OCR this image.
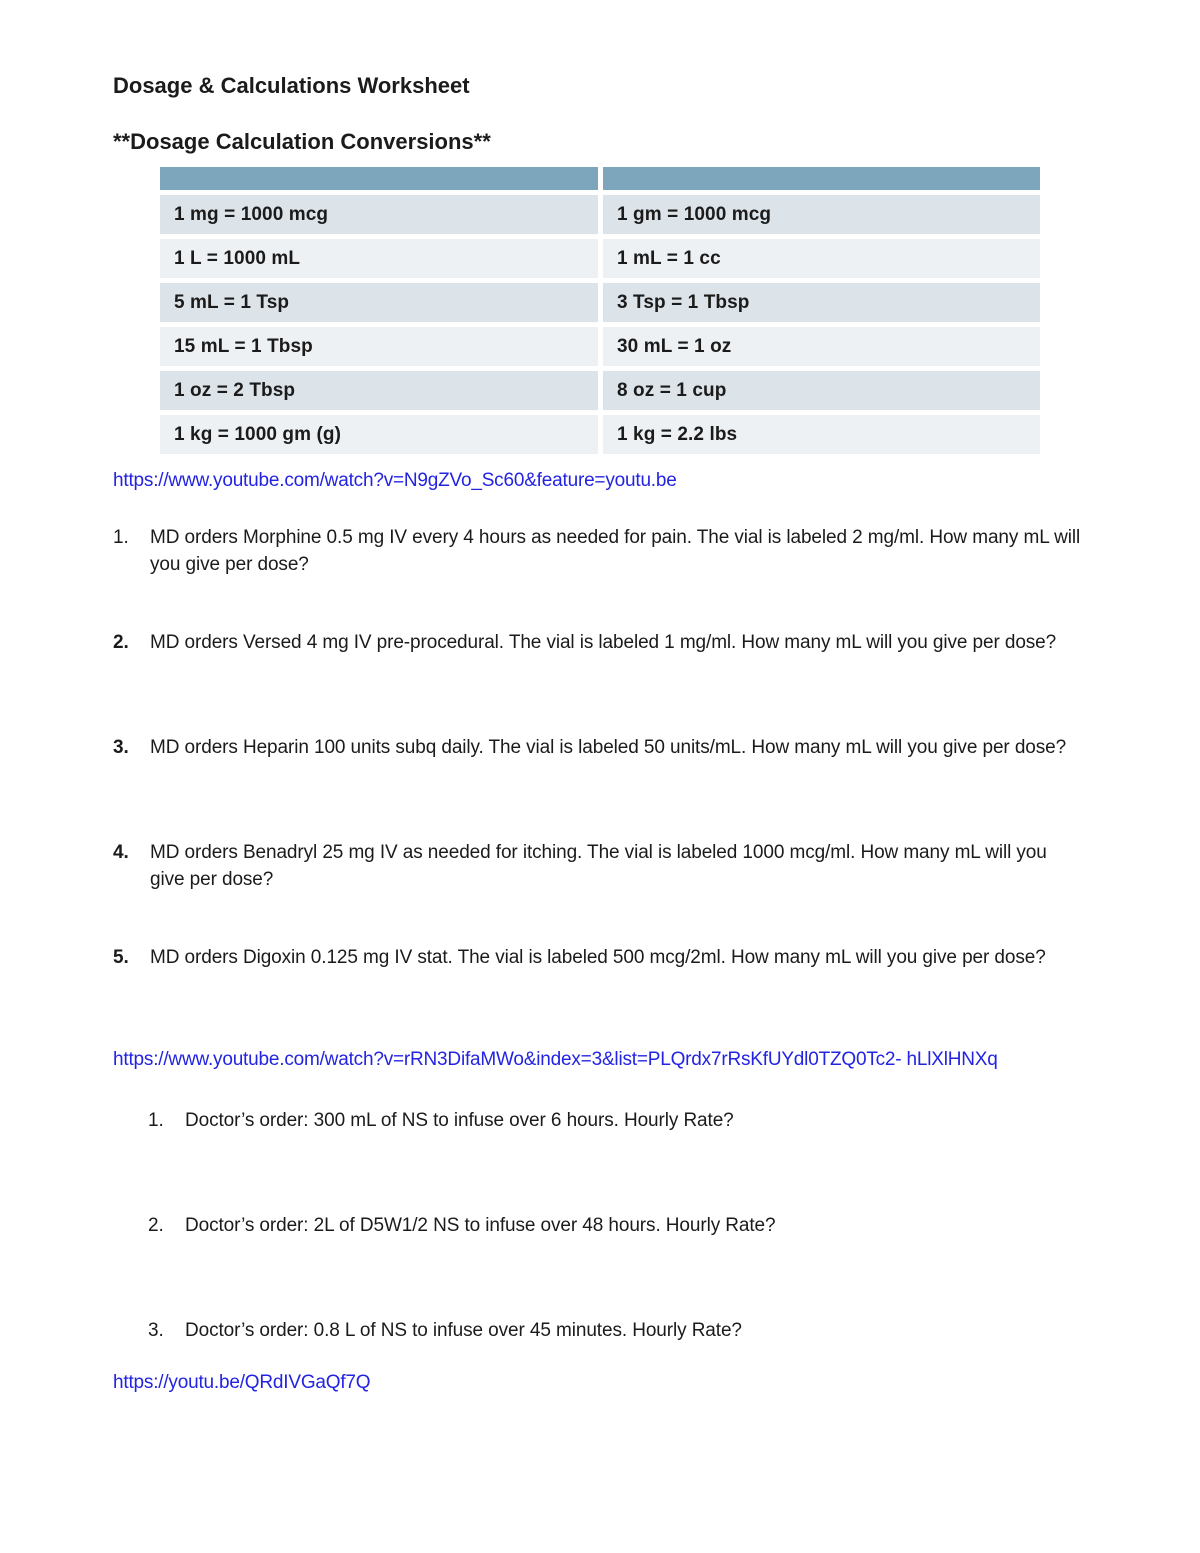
Dosage & Calculations Worksheet
**Dosage Calculation Conversions**
1 mg = 1000 mcg	1 gm = 1000 mcg
1 L = 1000 mL	1 mL = 1 cc
5 mL = 1 Tsp	3 Tsp = 1 Tbsp
15 mL = 1 Tbsp	30 mL = 1 oz
1 oz = 2 Tbsp	8 oz = 1 cup
1 kg = 1000 gm (g)	1 kg = 2.2 lbs
https://www.youtube.com/watch?v=N9gZVo_Sc60&feature=youtu.be
1.	MD orders Morphine 0.5 mg IV every 4 hours as needed for pain. The vial is labeled 2 mg/ml. How many mL will you give per dose?
2.	MD orders Versed 4 mg IV pre-procedural. The vial is labeled 1 mg/ml. How many mL will you give per dose?
3.	MD orders Heparin 100 units subq daily. The vial is labeled 50 units/mL. How many mL will you give per dose?
4.	MD orders Benadryl 25 mg IV as needed for itching. The vial is labeled 1000 mcg/ml. How many mL will you give per dose?
5.	MD orders Digoxin 0.125 mg IV stat. The vial is labeled 500 mcg/2ml. How many mL will you give per dose?
https://www.youtube.com/watch?v=rRN3DifaMWo&index=3&list=PLQrdx7rRsKfUYdl0TZQ0Tc2- hLlXlHNXq
1.	Doctor’s order: 300 mL of NS to infuse over 6 hours. Hourly Rate?
2.	Doctor’s order: 2L of D5W1/2 NS to infuse over 48 hours. Hourly Rate?
3.	Doctor’s order: 0.8 L of NS to infuse over 45 minutes. Hourly Rate?
https://youtu.be/QRdIVGaQf7Q
